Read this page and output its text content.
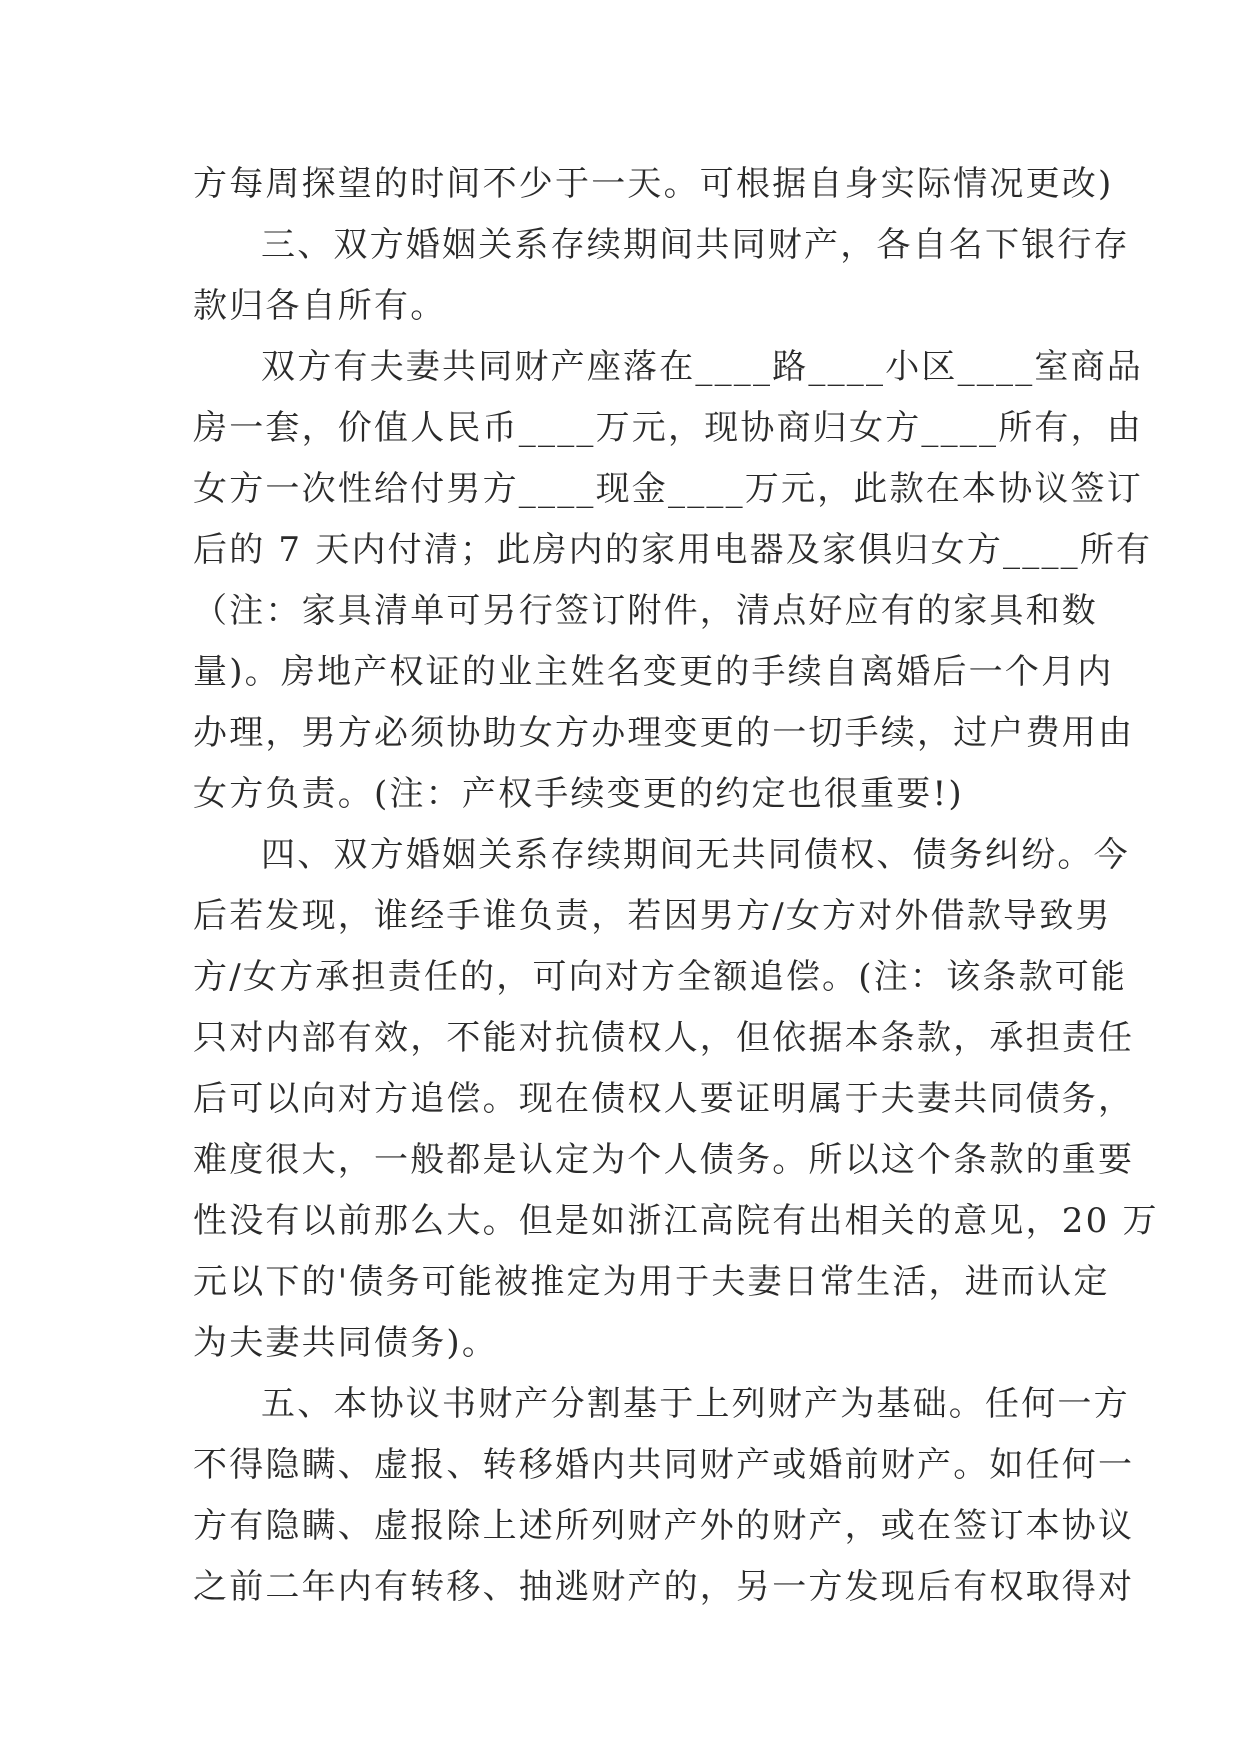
方每周探望的时间不少于一天。可根据自身实际情况更改)
三、双方婚姻关系存续期间共同财产，各自名下银行存
款归各自所有。
双方有夫妻共同财产座落在____路____小区____室商品
房一套，价值人民币____万元，现协商归女方____所有，由
女方一次性给付男方____现金____万元，此款在本协议签订
后的 7 天内付清；此房内的家用电器及家俱归女方____所有
（注：家具清单可另行签订附件，清点好应有的家具和数
量)。房地产权证的业主姓名变更的手续自离婚后一个月内
办理，男方必须协助女方办理变更的一切手续，过户费用由
女方负责。(注：产权手续变更的约定也很重要!)
四、双方婚姻关系存续期间无共同债权、债务纠纷。今
后若发现，谁经手谁负责，若因男方/女方对外借款导致男
方/女方承担责任的，可向对方全额追偿。(注：该条款可能
只对内部有效，不能对抗债权人，但依据本条款，承担责任
后可以向对方追偿。现在债权人要证明属于夫妻共同债务，
难度很大，一般都是认定为个人债务。所以这个条款的重要
性没有以前那么大。但是如浙江高院有出相关的意见，20 万
元以下的'债务可能被推定为用于夫妻日常生活，进而认定
为夫妻共同债务)。
五、本协议书财产分割基于上列财产为基础。任何一方
不得隐瞒、虚报、转移婚内共同财产或婚前财产。如任何一
方有隐瞒、虚报除上述所列财产外的财产，或在签订本协议
之前二年内有转移、抽逃财产的，另一方发现后有权取得对
